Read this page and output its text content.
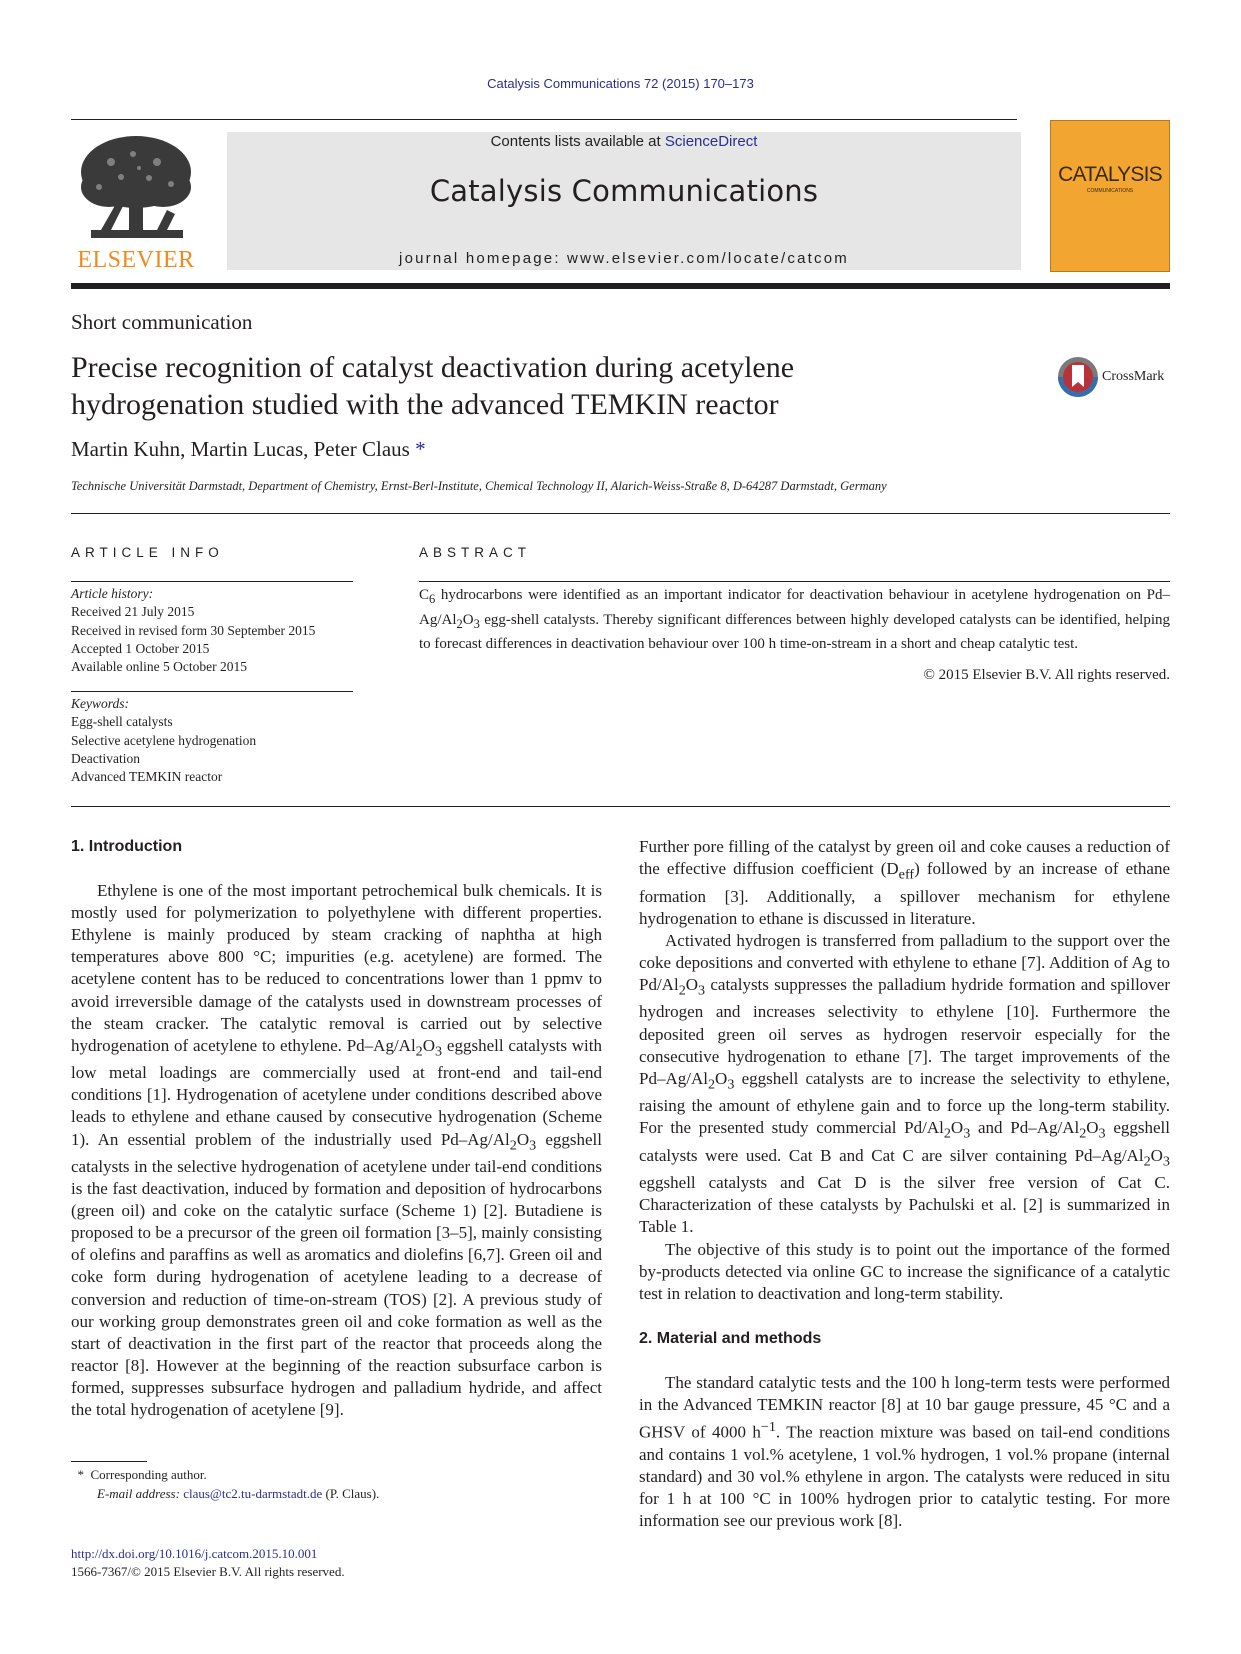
Catalysis Communications 72 (2015) 170–173
ELSEVIER
Contents lists available at ScienceDirect
Catalysis Communications
journal homepage: www.elsevier.com/locate/catcom
CATALYSIS
COMMUNICATIONS
Short communication
Precise recognition of catalyst deactivation during acetylene
hydrogenation studied with the advanced TEMKIN reactor
CrossMark
Martin Kuhn, Martin Lucas, Peter Claus *
Technische Universität Darmstadt, Department of Chemistry, Ernst-Berl-Institute, Chemical Technology II, Alarich-Weiss-Straße 8, D-64287 Darmstadt, Germany
ARTICLE INFO	ABSTRACT
Article history:
Received 21 July 2015
Received in revised form 30 September 2015
Accepted 1 October 2015
Available online 5 October 2015
Keywords:
Egg-shell catalysts
Selective acetylene hydrogenation
Deactivation
Advanced TEMKIN reactor
$C_6$ hydrocarbons were identified as an important indicator for deactivation behaviour in acetylene hydrogenation on $Pd-Ag/Al_2O_3$ egg-shell catalysts. Thereby significant differences between highly developed catalysts can be identified, helping to forecast differences in deactivation behaviour over 100 h time-on-stream in a short and cheap catalytic test.
© 2015 Elsevier B.V. All rights reserved.
1. Introduction
Ethylene is one of the most important petrochemical bulk chemicals. It is
mostly used for polymerization to polyethylene with different properties.
Ethylene is mainly produced by steam cracking of naphtha at high
temperatures above 800 °C; impurities (e.g. acetylene) are formed. The
acetylene content has to be reduced to concentrations lower than 1 ppmv to
avoid irreversible damage of the catalysts used in downstream processes of
the steam cracker. The catalytic removal is carried out by selective
hydrogenation of acetylene to ethylene. $Pd-Ag/Al_2O_3$ eggshell catalysts with
low metal loadings are commercially used at front-end and tail-end
conditions [1]. Hydrogenation of acetylene under conditions described above
leads to ethylene and ethane caused by consecutive hydrogenation (Scheme
1). An essential problem of the industrially used $Pd-Ag/Al_2O_3$ eggshell
catalysts in the selective hydrogenation of acetylene under tail-end conditions
is the fast deactivation, induced by formation and deposition of hydrocarbons
(green oil) and coke on the catalytic surface (Scheme 1) [2]. Butadiene is
proposed to be a precursor of the green oil formation [3–5], mainly consisting
of olefins and paraffins as well as aromatics and diolefins [6,7]. Green oil and
coke form during hydrogenation of acetylene leading to a decrease of
conversion and reduction of time-on-stream (TOS) [2]. A previous study of
our working group demonstrates green oil and coke formation as well as the
start of deactivation in the first part of the reactor that proceeds along the
reactor [8]. However at the beginning of the reaction subsurface carbon is
formed, suppresses subsurface hydrogen and palladium hydride, and affect
the total hydrogenation of acetylene [9].
Further pore filling of the catalyst by green oil and coke causes a reduction of
the effective diffusion coefficient $(D_{eff})$ followed by an increase of ethane
formation [3]. Additionally, a spillover mechanism for ethylene
hydrogenation to ethane is discussed in literature.
Activated hydrogen is transferred from palladium to the support over the
coke depositions and converted with ethylene to ethane [7]. Addition of Ag to
$Pd/Al_2O_3$ catalysts suppresses the palladium hydride formation and spillover
hydrogen and increases selectivity to ethylene [10]. Furthermore the
deposited green oil serves as hydrogen reservoir especially for the
consecutive hydrogenation to ethane [7]. The target improvements of the
$Pd-Ag/Al_2O_3$ eggshell catalysts are to increase the selectivity to ethylene,
raising the amount of ethylene gain and to force up the long-term stability.
For the presented study commercial $Pd/Al_2O_3$ and $Pd-Ag/Al_2O_3$ eggshell
catalysts were used. Cat B and Cat C are silver containing $Pd-Ag/Al_2O_3$
eggshell catalysts and Cat D is the silver free version of Cat C.
Characterization of these catalysts by Pachulski et al. [2] is summarized in
Table 1.
The objective of this study is to point out the importance of the formed
by-products detected via online GC to increase the significance of a catalytic
test in relation to deactivation and long-term stability.
2. Material and methods
The standard catalytic tests and the 100 h long-term tests were performed
in the Advanced TEMKIN reactor [8] at 10 bar gauge pressure, 45 °C and a
GHSV of 4000 $h^{-1}$. The reaction mixture was based on tail-end conditions
and contains 1 vol.% acetylene, 1 vol.% hydrogen, 1 vol.% propane (internal
standard) and 30 vol.% ethylene in argon. The catalysts were reduced in situ
for 1 h at 100 °C in 100% hydrogen prior to catalytic testing. For more
information see our previous work [8].
* Corresponding author.
E-mail address: claus@tc2.tu-darmstadt.de (P. Claus).
http://dx.doi.org/10.1016/j.catcom.2015.10.001
1566-7367/© 2015 Elsevier B.V. All rights reserved.
